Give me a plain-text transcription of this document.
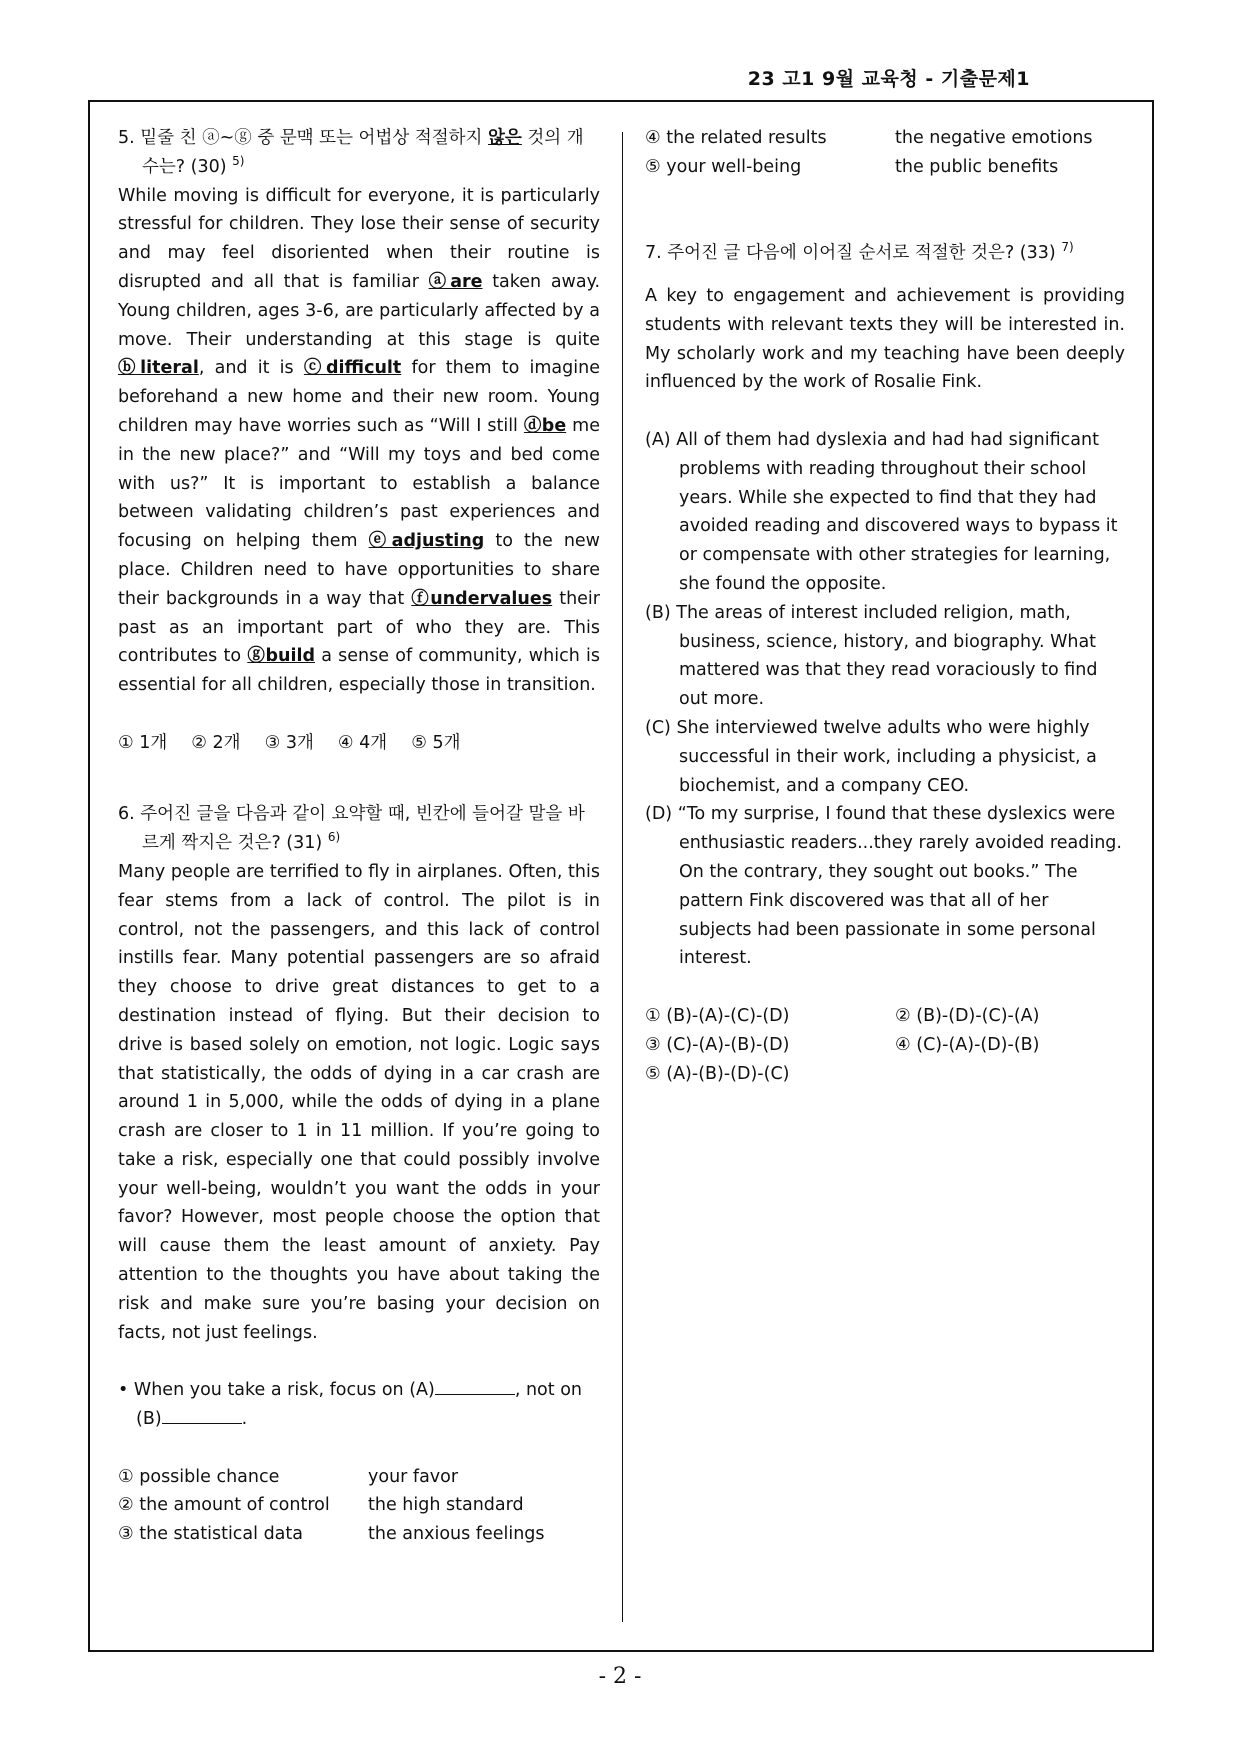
23 고1 9월 교육청 - 기출문제1

5. 밑줄 친 ⓐ~ⓖ 중 문맥 또는 어법상 적절하지 않은 것의 개수는? (30) $^{5)}$

While moving is difficult for everyone, it is particularly stressful for children. They lose their sense of security and may feel disoriented when their routine is disrupted and all that is familiar ⓐare taken away. Young children, ages 3-6, are particularly affected by a move. Their understanding at this stage is quite ⓑliteral, and it is ⓒdifficult for them to imagine beforehand a new home and their new room. Young children may have worries such as “Will I still ⓓbe me in the new place?” and “Will my toys and bed come with us?” It is important to establish a balance between validating children’s past experiences and focusing on helping them ⓔadjusting to the new place. Children need to have opportunities to share their backgrounds in a way that ⓕundervalues their past as an important part of who they are. This contributes to ⓖbuild a sense of community, which is essential for all children, especially those in transition.

① 1개 ② 2개 ③ 3개 ④ 4개 ⑤ 5개

6. 주어진 글을 다음과 같이 요약할 때, 빈칸에 들어갈 말을 바르게 짝지은 것은? (31) $^{6)}$

Many people are terrified to fly in airplanes. Often, this fear stems from a lack of control. The pilot is in control, not the passengers, and this lack of control instills fear. Many potential passengers are so afraid they choose to drive great distances to get to a destination instead of flying. But their decision to drive is based solely on emotion, not logic. Logic says that statistically, the odds of dying in a car crash are around 1 in 5,000, while the odds of dying in a plane crash are closer to 1 in 11 million. If you’re going to take a risk, especially one that could possibly involve your well-being, wouldn’t you want the odds in your favor? However, most people choose the option that will cause them the least amount of anxiety. Pay attention to the thoughts you have about taking the risk and make sure you’re basing your decision on facts, not just feelings.

• When you take a risk, focus on (A)	, not on (B)	.

① possible chance	your favor
② the amount of control	the high standard
③ the statistical data	the anxious feelings
④ the related results	the negative emotions
⑤ your well-being	the public benefits

7. 주어진 글 다음에 이어질 순서로 적절한 것은? (33) $^{7)}$

A key to engagement and achievement is providing students with relevant texts they will be interested in. My scholarly work and my teaching have been deeply influenced by the work of Rosalie Fink.

(A) All of them had dyslexia and had had significant problems with reading throughout their school years. While she expected to find that they had avoided reading and discovered ways to bypass it or compensate with other strategies for learning, she found the opposite.

(B) The areas of interest included religion, math, business, science, history, and biography. What mattered was that they read voraciously to find out more.

(C) She interviewed twelve adults who were highly successful in their work, including a physicist, a biochemist, and a company CEO.

(D) “To my surprise, I found that these dyslexics were enthusiastic readers...they rarely avoided reading. On the contrary, they sought out books.” The pattern Fink discovered was that all of her subjects had been passionate in some personal interest.

① (B)-(A)-(C)-(D)	② (B)-(D)-(C)-(A)
③ (C)-(A)-(B)-(D)	④ (C)-(A)-(D)-(B)
⑤ (A)-(B)-(D)-(C)
- 2 -
